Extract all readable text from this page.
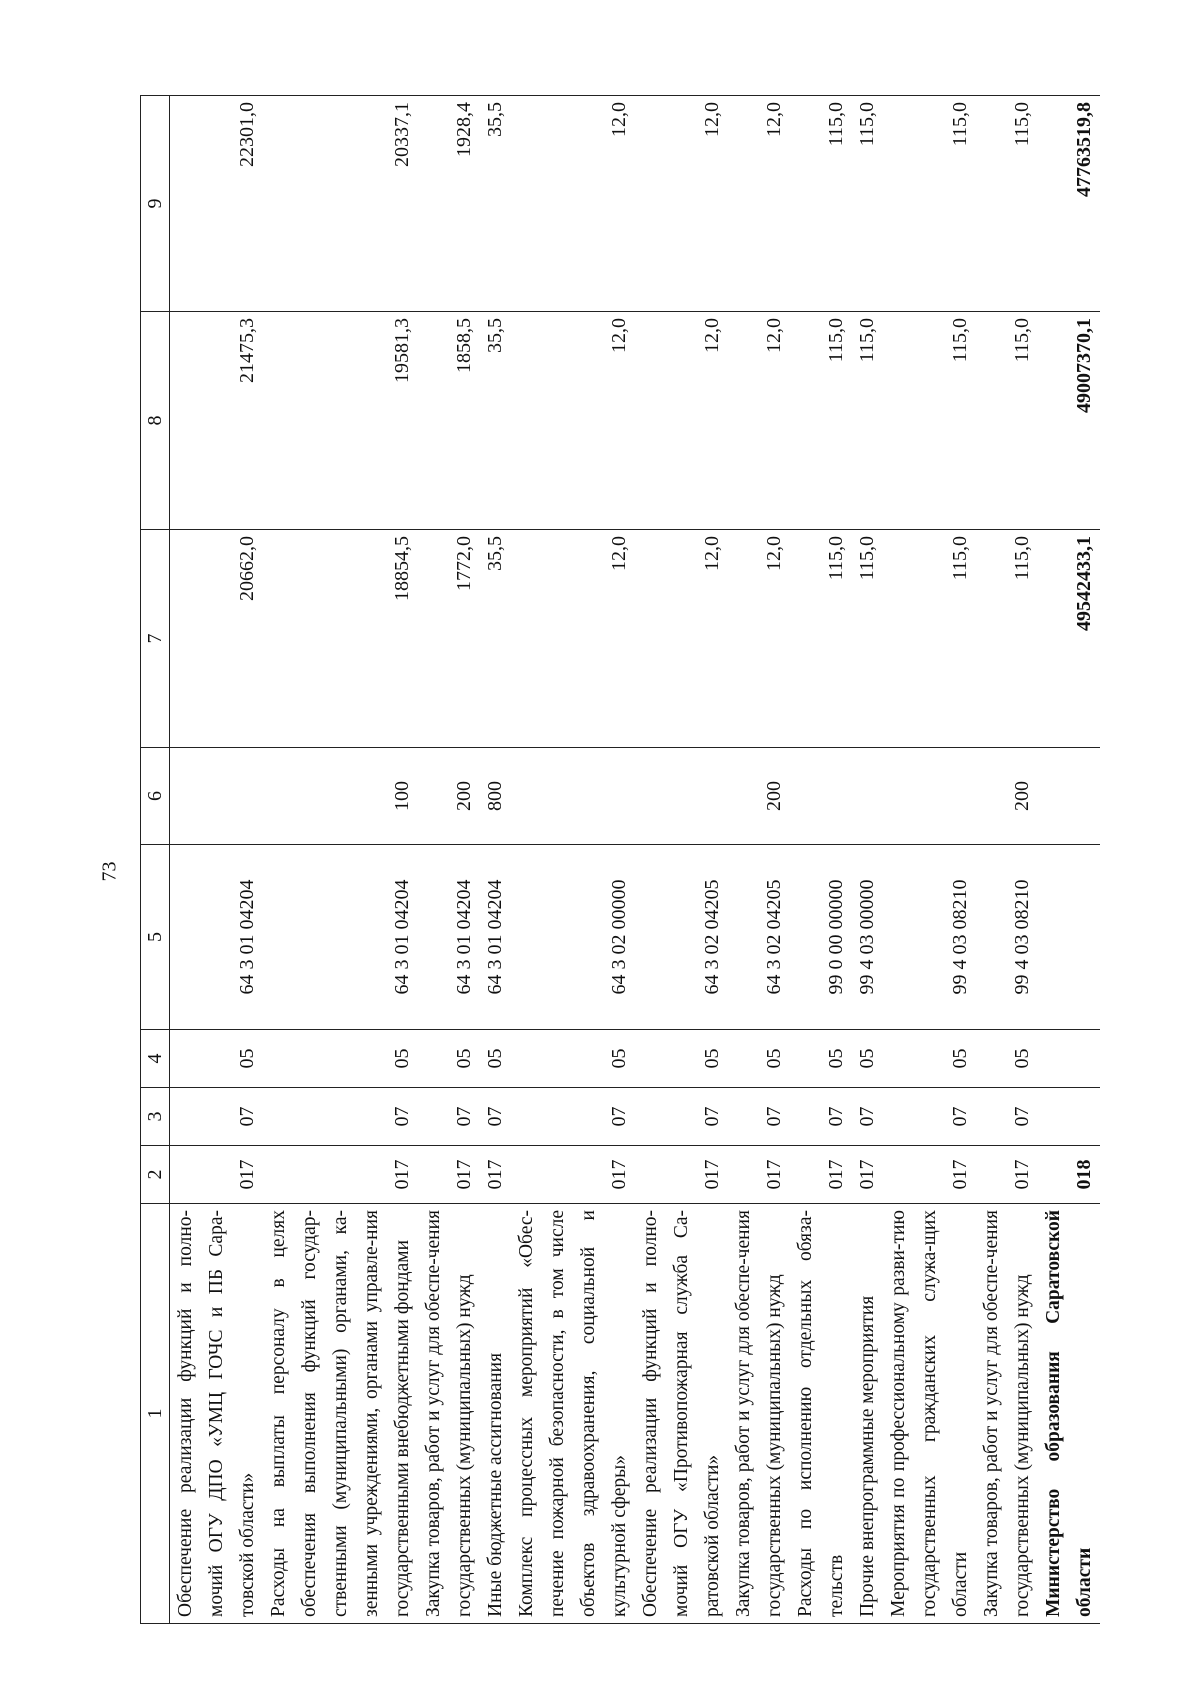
73
1	2	3	4	5	6	7	8	9
Обеспечение реализации функций и полно-мочий ОГУ ДПО «УМЦ ГОЧС и ПБ Сара-товской области»	017	07	05	64 3 01 04204		20662,0	21475,3	22301,0
Расходы на выплаты персоналу в целях обеспечения выполнения функций государ-ственными (муниципальными) органами, ка-зенными учреждениями, органами управле-ния государственными внебюджетными фондами	017	07	05	64 3 01 04204	100	18854,5	19581,3	20337,1
Закупка товаров, работ и услуг для обеспе-чения государственных (муниципальных) нужд	017	07	05	64 3 01 04204	200	1772,0	1858,5	1928,4
Иные бюджетные ассигнования	017	07	05	64 3 01 04204	800	35,5	35,5	35,5
Комплекс процессных мероприятий «Обес-печение пожарной безопасности, в том числе объектов здравоохранения, социальной и культурной сферы»	017	07	05	64 3 02 00000		12,0	12,0	12,0
Обеспечение реализации функций и полно-мочий ОГУ «Противопожарная служба Са-ратовской области»	017	07	05	64 3 02 04205		12,0	12,0	12,0
Закупка товаров, работ и услуг для обеспе-чения государственных (муниципальных) нужд	017	07	05	64 3 02 04205	200	12,0	12,0	12,0
Расходы по исполнению отдельных обяза-тельств	017	07	05	99 0 00 00000		115,0	115,0	115,0
Прочие внепрограммные мероприятия	017	07	05	99 4 03 00000		115,0	115,0	115,0
Мероприятия по профессиональному разви-тию государственных гражданских служа-щих области	017	07	05	99 4 03 08210		115,0	115,0	115,0
Закупка товаров, работ и услуг для обеспе-чения государственных (муниципальных) нужд	017	07	05	99 4 03 08210	200	115,0	115,0	115,0
Министерство образования Саратовской области	018					49542433,1	49007370,1	47763519,8
